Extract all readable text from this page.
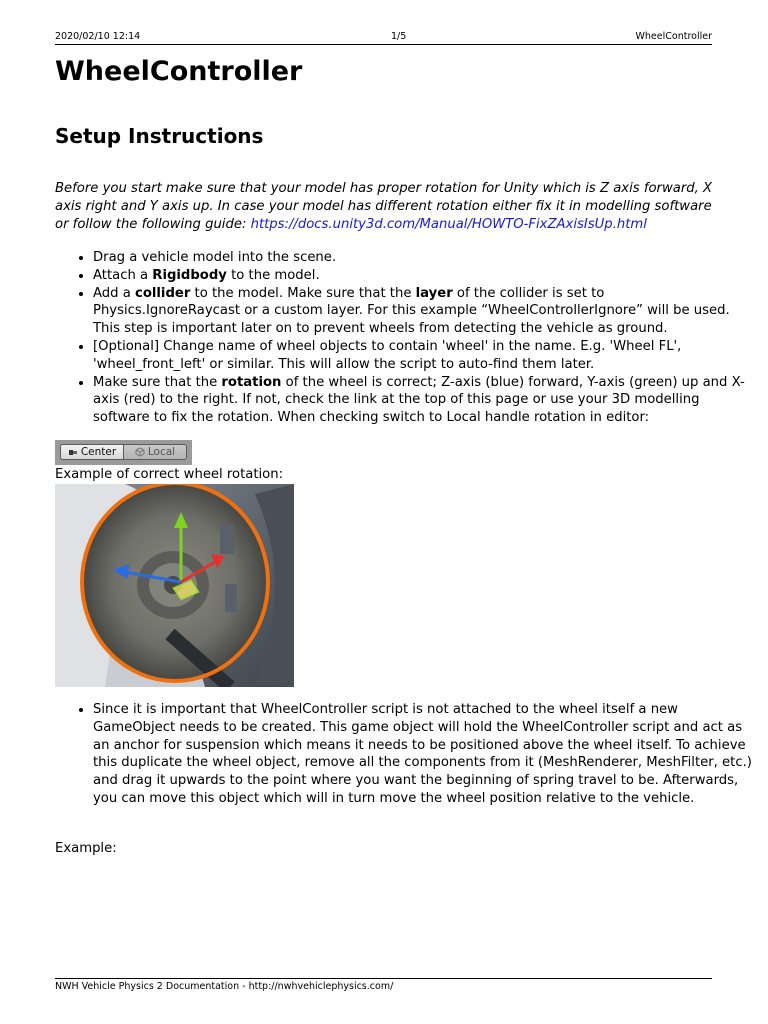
2020/02/10 12:14	1/5	WheelController
WheelController
Setup Instructions

Before you start make sure that your model has proper rotation for Unity which is Z axis forward, X axis right and Y axis up. In case your model has different rotation either fix it in modelling software or follow the following guide: https://docs.unity3d.com/Manual/HOWTO-FixZAxisIsUp.html

• Drag a vehicle model into the scene.
• Attach a Rigidbody to the model.
• Add a collider to the model. Make sure that the layer of the collider is set to Physics.IgnoreRaycast or a custom layer. For this example “WheelControllerIgnore” will be used. This step is important later on to prevent wheels from detecting the vehicle as ground.
• [Optional] Change name of wheel objects to contain 'wheel' in the name. E.g. 'Wheel FL', 'wheel_front_left' or similar. This will allow the script to auto-find them later.
• Make sure that the rotation of the wheel is correct; Z-axis (blue) forward, Y-axis (green) up and X-axis (red) to the right. If not, check the link at the top of this page or use your 3D modelling software to fix the rotation. When checking switch to Local handle rotation in editor:
Center	Local

Example of correct wheel rotation:

• Since it is important that WheelController script is not attached to the wheel itself a new GameObject needs to be created. This game object will hold the WheelController script and act as an anchor for suspension which means it needs to be positioned above the wheel itself. To achieve this duplicate the wheel object, remove all the components from it (MeshRenderer, MeshFilter, etc.) and drag it upwards to the point where you want the beginning of spring travel to be. Afterwards, you can move this object which will in turn move the wheel position relative to the vehicle.

Example:

NWH Vehicle Physics 2 Documentation - http://nwhvehiclephysics.com/
